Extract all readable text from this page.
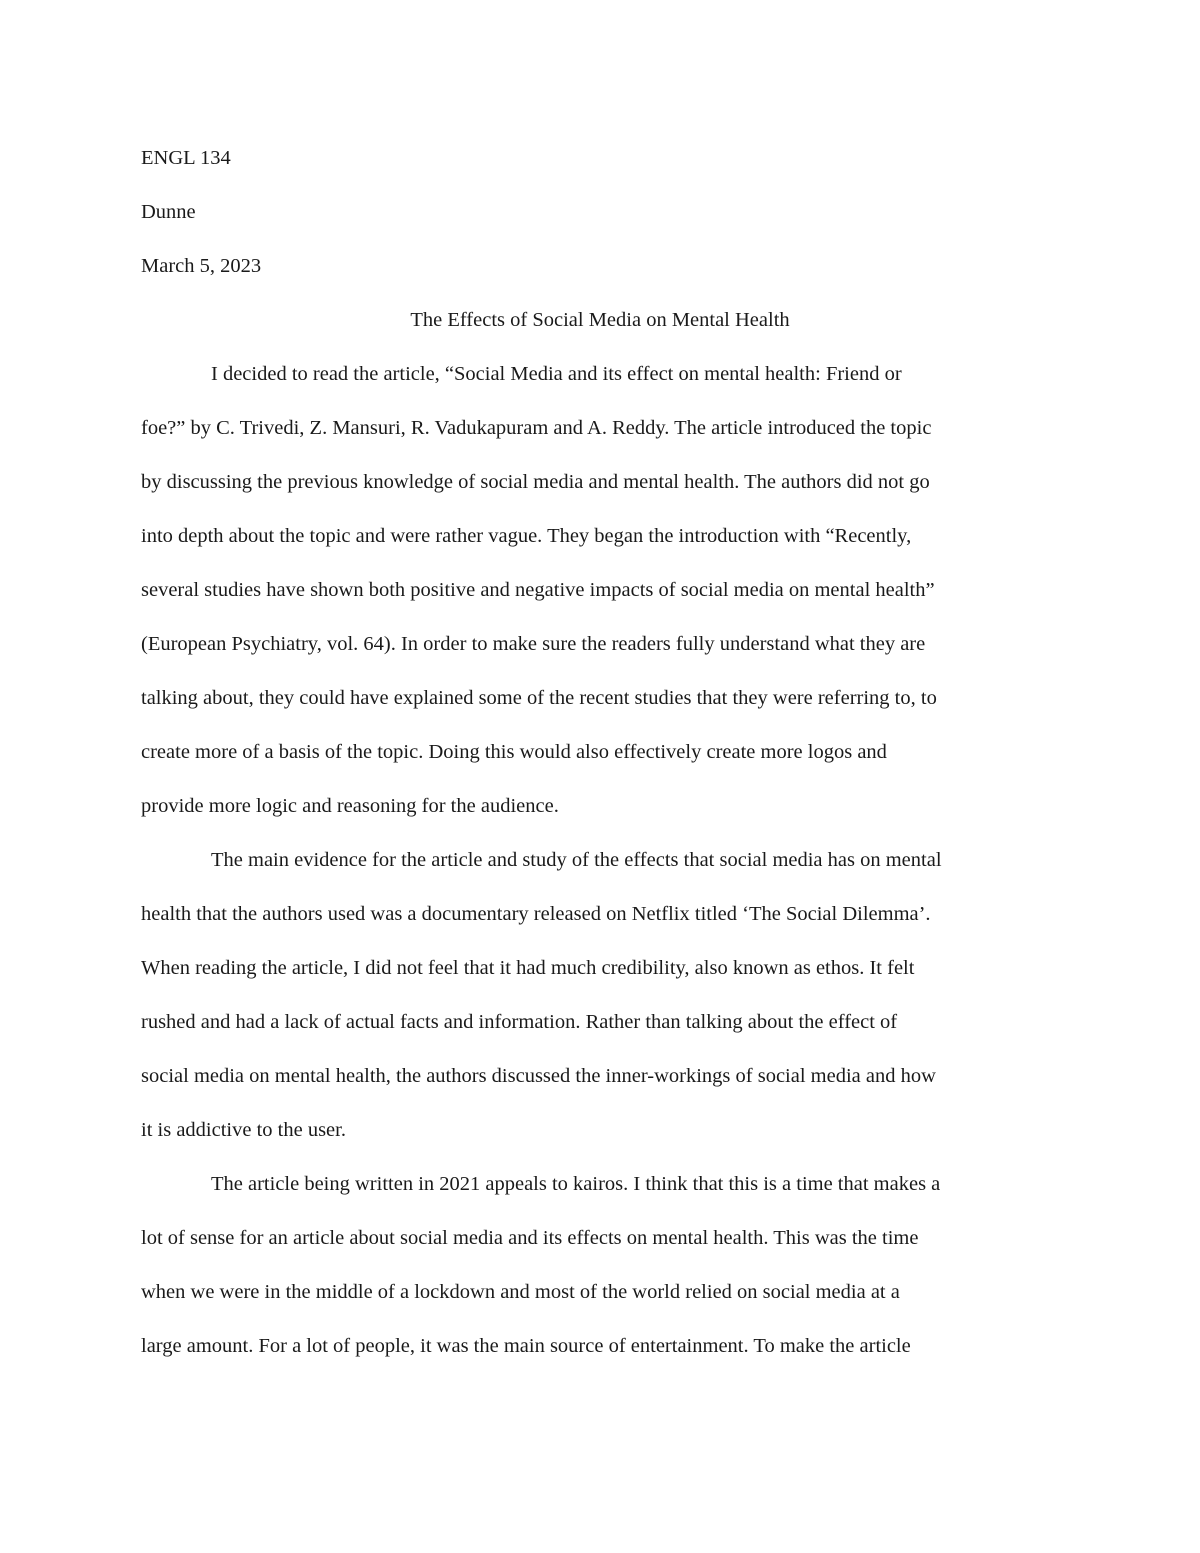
ENGL 134
Dunne
March 5, 2023
The Effects of Social Media on Mental Health
I decided to read the article, “Social Media and its effect on mental health: Friend or
foe?” by C. Trivedi, Z. Mansuri, R. Vadukapuram and A. Reddy. The article introduced the topic
by discussing the previous knowledge of social media and mental health. The authors did not go
into depth about the topic and were rather vague. They began the introduction with “Recently,
several studies have shown both positive and negative impacts of social media on mental health”
(European Psychiatry, vol. 64). In order to make sure the readers fully understand what they are
talking about, they could have explained some of the recent studies that they were referring to, to
create more of a basis of the topic. Doing this would also effectively create more logos and
provide more logic and reasoning for the audience.
The main evidence for the article and study of the effects that social media has on mental
health that the authors used was a documentary released on Netflix titled ‘The Social Dilemma’.
When reading the article, I did not feel that it had much credibility, also known as ethos. It felt
rushed and had a lack of actual facts and information. Rather than talking about the effect of
social media on mental health, the authors discussed the inner-workings of social media and how
it is addictive to the user.
The article being written in 2021 appeals to kairos. I think that this is a time that makes a
lot of sense for an article about social media and its effects on mental health. This was the time
when we were in the middle of a lockdown and most of the world relied on social media at a
large amount. For a lot of people, it was the main source of entertainment. To make the article
